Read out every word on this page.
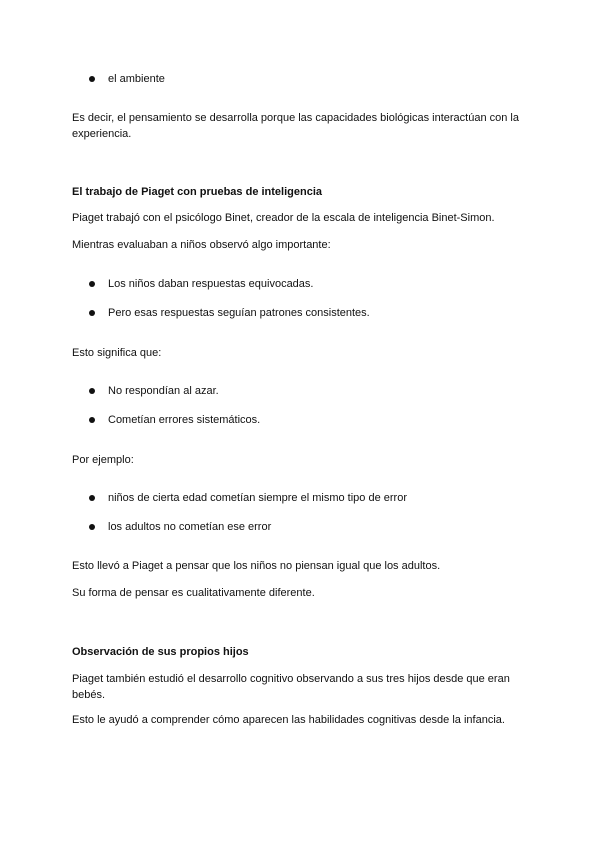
el ambiente

Es decir, el pensamiento se desarrolla porque las capacidades biológicas interactúan con la experiencia.

El trabajo de Piaget con pruebas de inteligencia

Piaget trabajó con el psicólogo Binet, creador de la escala de inteligencia Binet-Simon.

Mientras evaluaban a niños observó algo importante:

Los niños daban respuestas equivocadas.
Pero esas respuestas seguían patrones consistentes.

Esto significa que:

No respondían al azar.
Cometían errores sistemáticos.

Por ejemplo:

niños de cierta edad cometían siempre el mismo tipo de error
los adultos no cometían ese error

Esto llevó a Piaget a pensar que los niños no piensan igual que los adultos.

Su forma de pensar es cualitativamente diferente.

Observación de sus propios hijos

Piaget también estudió el desarrollo cognitivo observando a sus tres hijos desde que eran bebés.

Esto le ayudó a comprender cómo aparecen las habilidades cognitivas desde la infancia.
